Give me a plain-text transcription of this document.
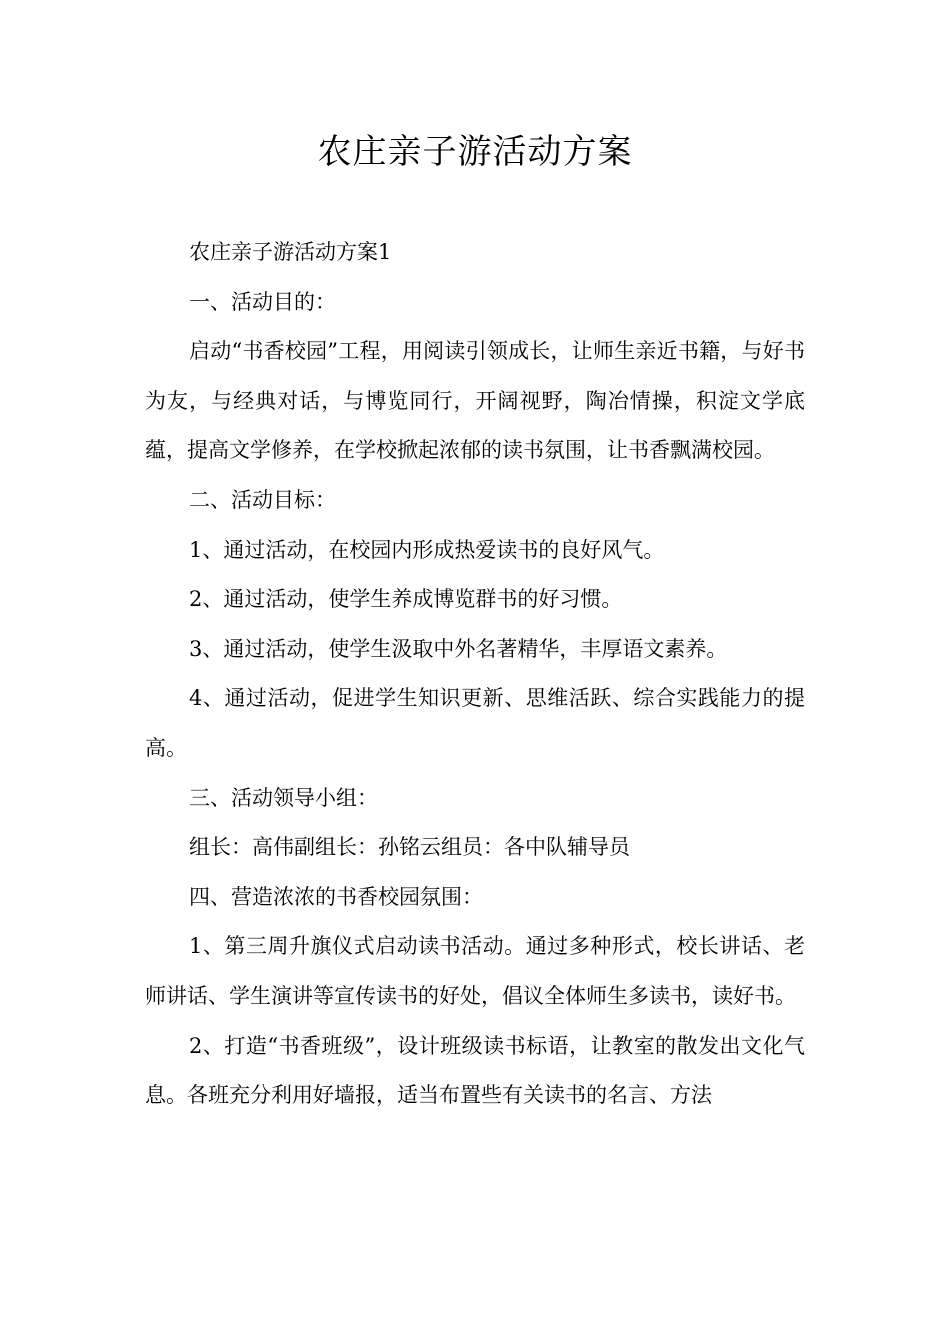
农庄亲子游活动方案

农庄亲子游活动方案1

一、活动目的：

启动“书香校园”工程，用阅读引领成长，让师生亲近书籍，与好书为友，与经典对话，与博览同行，开阔视野，陶冶情操，积淀文学底蕴，提高文学修养，在学校掀起浓郁的读书氛围，让书香飘满校园。

二、活动目标：

1、通过活动，在校园内形成热爱读书的良好风气。

2、通过活动，使学生养成博览群书的好习惯。

3、通过活动，使学生汲取中外名著精华，丰厚语文素养。

4、通过活动，促进学生知识更新、思维活跃、综合实践能力的提高。

三、活动领导小组：

组长：高伟副组长：孙铭云组员：各中队辅导员

四、营造浓浓的书香校园氛围：

1、第三周升旗仪式启动读书活动。通过多种形式，校长讲话、老师讲话、学生演讲等宣传读书的好处，倡议全体师生多读书，读好书。

2、打造“书香班级”，设计班级读书标语，让教室的散发出文化气息。各班充分利用好墙报，适当布置些有关读书的名言、方法
